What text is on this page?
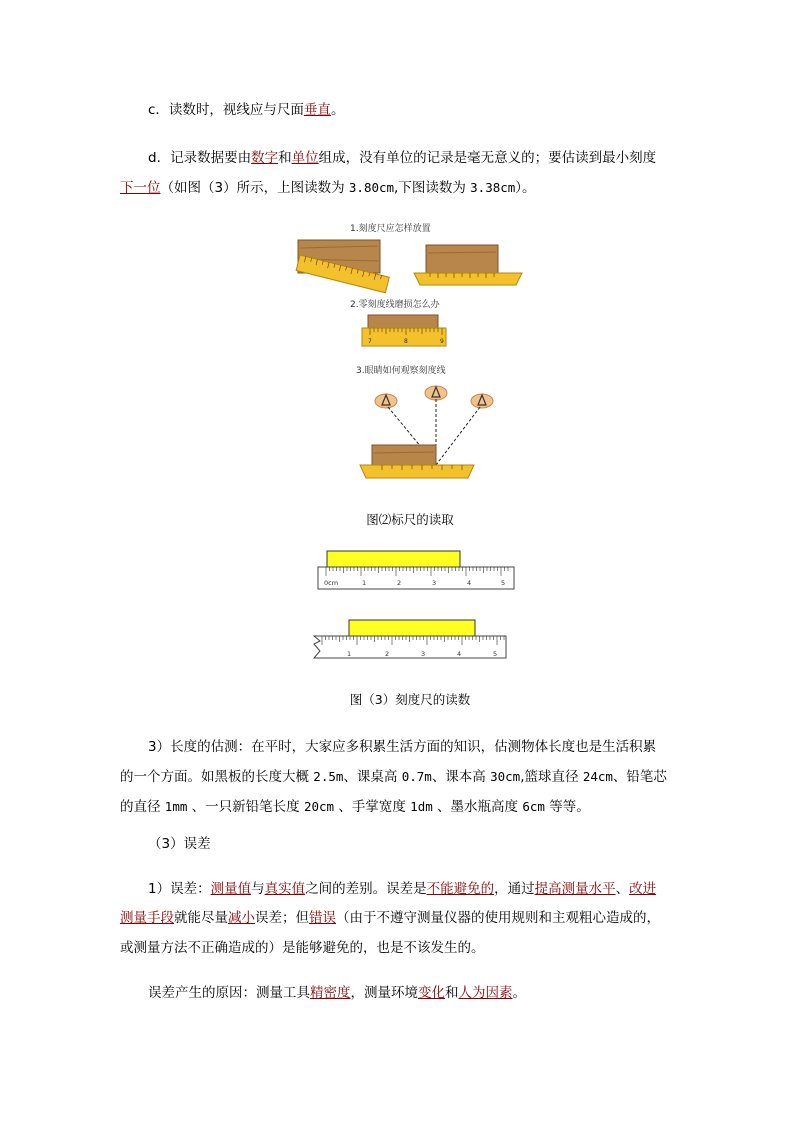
c．读数时，视线应与尺面垂直。
d．记录数据要由数字和单位组成，没有单位的记录是毫无意义的；要估读到最小刻度
下一位（如图（3）所示，上图读数为 3.80cm,下图读数为 3.38cm）。
1.刻度尺应怎样放置
2.零刻度线磨损怎么办
7	8	9
3.眼睛如何观察刻度线
图⑵标尺的读取
0cm	1	2	3	4	5
1	2	3	4	5
图（3）刻度尺的读数
3）长度的估测：在平时，大家应多积累生活方面的知识，估测物体长度也是生活积累
的一个方面。如黑板的长度大概 2.5m、课桌高 0.7m、课本高 30cm,篮球直径 24cm、铅笔芯
的直径 1mm 、一只新铅笔长度 20cm 、手掌宽度 1dm 、墨水瓶高度 6cm 等等。
（3）误差
1）误差：测量值与真实值之间的差别。误差是不能避免的，通过提高测量水平、改进
测量手段就能尽量减小误差；但错误（由于不遵守测量仪器的使用规则和主观粗心造成的，
或测量方法不正确造成的）是能够避免的，也是不该发生的。
误差产生的原因：测量工具精密度，测量环境变化和人为因素。
